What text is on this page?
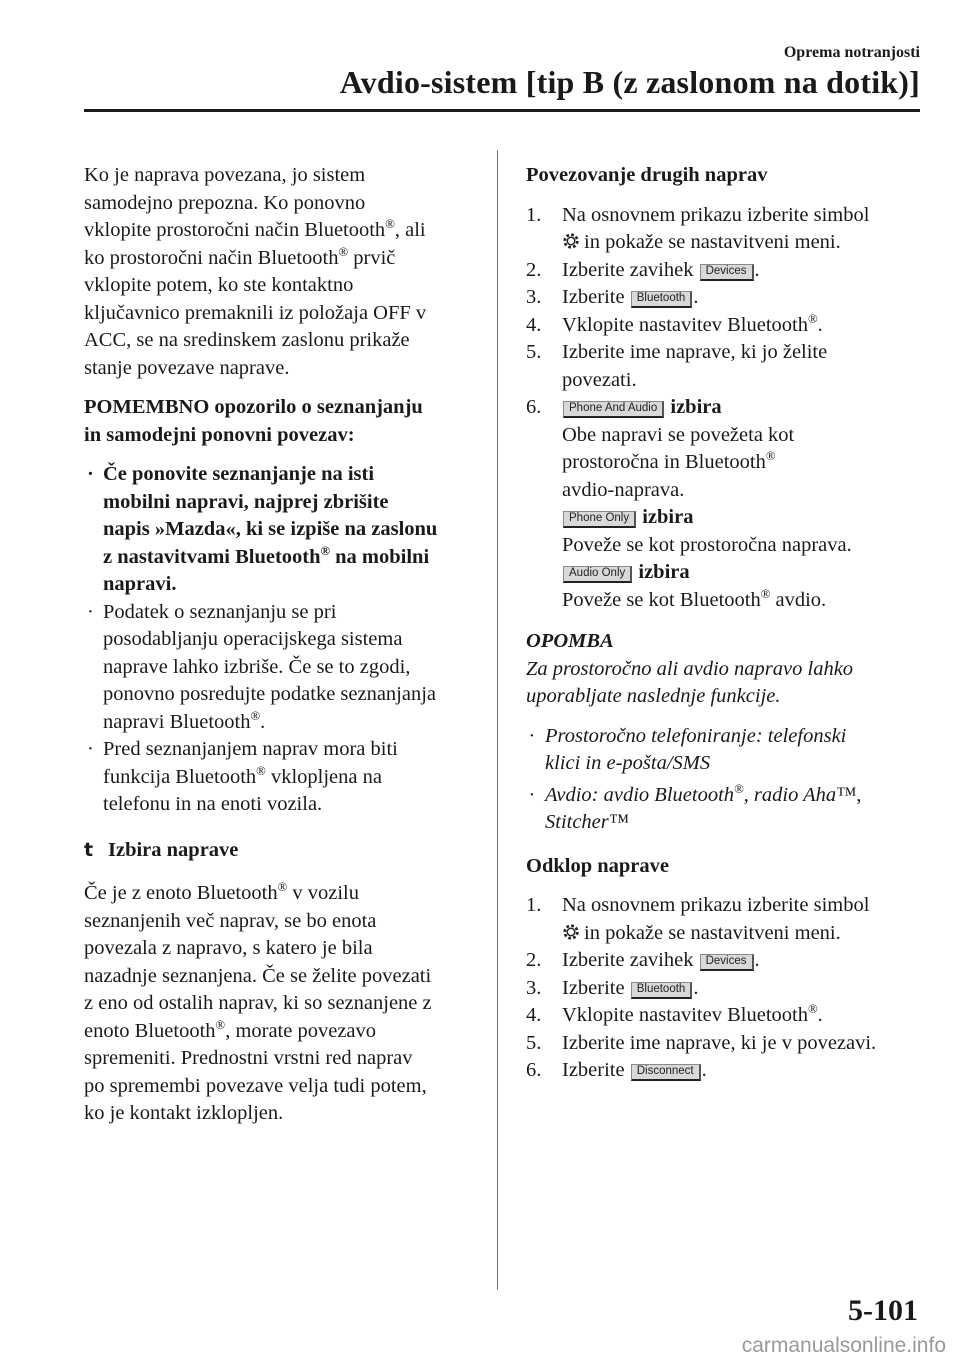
Oprema notranjosti
Avdio-sistem [tip B (z zaslonom na dotik)]

Ko je naprava povezana, jo sistem
samodejno prepozna. Ko ponovno
vklopite prostoročni način Bluetooth®, ali
ko prostoročni način Bluetooth® prvič
vklopite potem, ko ste kontaktno
ključavnico premaknili iz položaja OFF v
ACC, se na sredinskem zaslonu prikaže
stanje povezave naprave.

POMEMBNO opozorilo o seznanjanju
in samodejni ponovni povezav:

· Če ponovite seznanjanje na isti
mobilni napravi, najprej zbrišite
napis »Mazda«, ki se izpiše na zaslonu
z nastavitvami Bluetooth® na mobilni
napravi.
· Podatek o seznanjanju se pri
posodabljanju operacijskega sistema
naprave lahko izbriše. Če se to zgodi,
ponovno posredujte podatke seznanjanja
napravi Bluetooth®.
· Pred seznanjanjem naprav mora biti
funkcija Bluetooth® vklopljena na
telefonu in na enoti vozila.

t Izbira naprave

Če je z enoto Bluetooth® v vozilu
seznanjenih več naprav, se bo enota
povezala z napravo, s katero je bila
nazadnje seznanjena. Če se želite povezati
z eno od ostalih naprav, ki so seznanjene z
enoto Bluetooth®, morate povezavo
spremeniti. Prednostni vrstni red naprav
po spremembi povezave velja tudi potem,
ko je kontakt izklopljen.

Povezovanje drugih naprav

1. Na osnovnem prikazu izberite simbol
in pokaže se nastavitveni meni.
2. Izberite zavihek Devices .
3. Izberite Bluetooth .
4. Vklopite nastavitev Bluetooth®.
5. Izberite ime naprave, ki jo želite
povezati.
6. Phone And Audio izbira
Obe napravi se povežeta kot
prostoročna in Bluetooth®
avdio-naprava.
Phone Only izbira
Poveže se kot prostoročna naprava.
Audio Only izbira
Poveže se kot Bluetooth® avdio.

OPOMBA

Za prostoročno ali avdio napravo lahko
uporabljate naslednje funkcije.

· Prostoročno telefoniranje: telefonski
klici in e-pošta/SMS
· Avdio: avdio Bluetooth®, radio Aha™,
Stitcher™

Odklop naprave

1. Na osnovnem prikazu izberite simbol
in pokaže se nastavitveni meni.
2. Izberite zavihek Devices .
3. Izberite Bluetooth .
4. Vklopite nastavitev Bluetooth®.
5. Izberite ime naprave, ki je v povezavi.
6. Izberite Disconnect .
5-101
carmanualsonline.info
